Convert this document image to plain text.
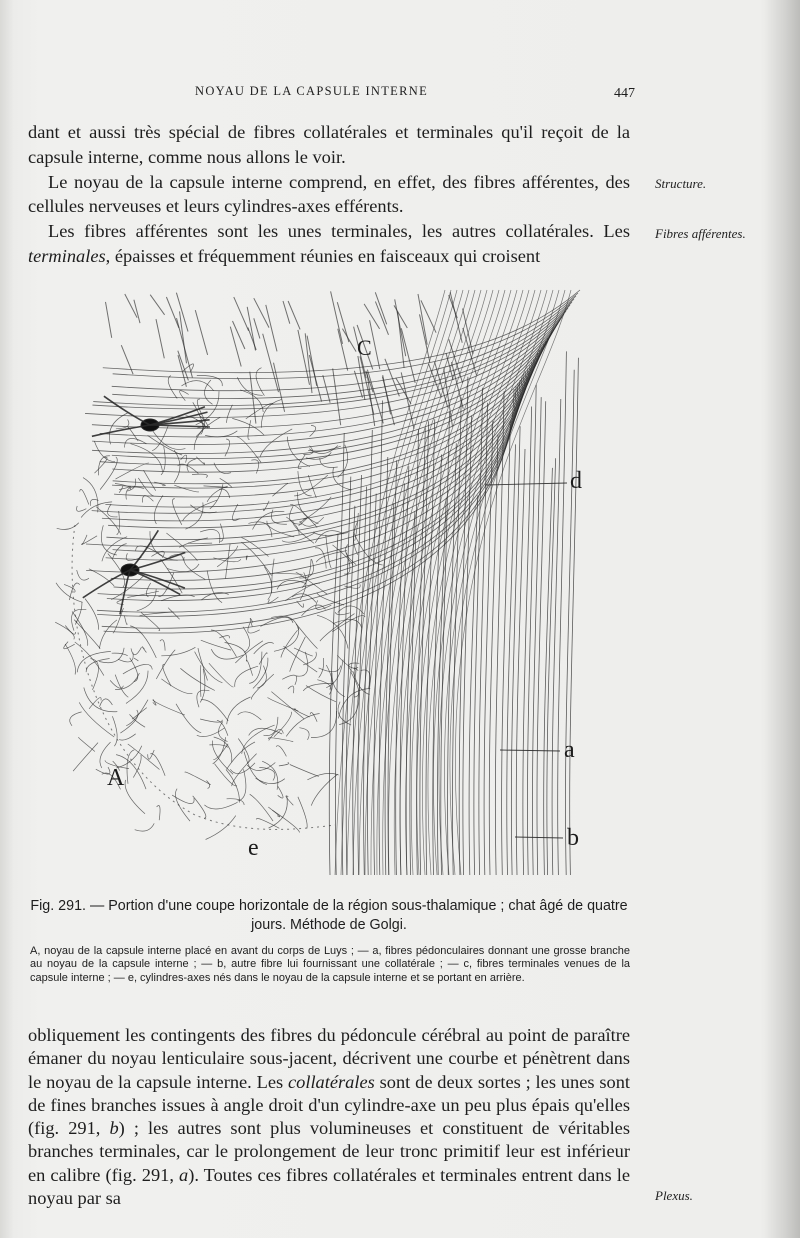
NOYAU DE LA CAPSULE INTERNE	447

dant et aussi très spécial de fibres collatérales et terminales qu'il reçoit de la capsule interne, comme nous allons le voir.

Le noyau de la capsule interne comprend, en effet, des fibres afférentes, des cellules nerveuses et leurs cylindres-axes efférents.

Les fibres afférentes sont les unes terminales, les autres collatérales. Les terminales, épaisses et fréquemment réunies en faisceaux qui croisent

Structure.
Fibres afférentes.
C
d
a
b
A
e
Fig. 291. — Portion d'une coupe horizontale de la région sous-thalamique ; chat âgé de quatre jours. Méthode de Golgi.
A, noyau de la capsule interne placé en avant du corps de Luys ; — a, fibres pédonculaires donnant une grosse branche au noyau de la capsule interne ; — b, autre fibre lui fournissant une collatérale ; — c, fibres terminales venues de la capsule interne ; — e, cylindres-axes nés dans le noyau de la capsule interne et se portant en arrière.

obliquement les contingents des fibres du pédoncule cérébral au point de paraître émaner du noyau lenticulaire sous-jacent, décrivent une courbe et pénètrent dans le noyau de la capsule interne. Les collatérales sont de deux sortes ; les unes sont de fines branches issues à angle droit d'un cylindre-axe un peu plus épais qu'elles (fig. 291, b) ; les autres sont plus volumineuses et constituent de véritables branches terminales, car le prolongement de leur tronc primitif leur est inférieur en calibre (fig. 291, a). Toutes ces fibres collatérales et terminales entrent dans le noyau par sa	Plexus.
